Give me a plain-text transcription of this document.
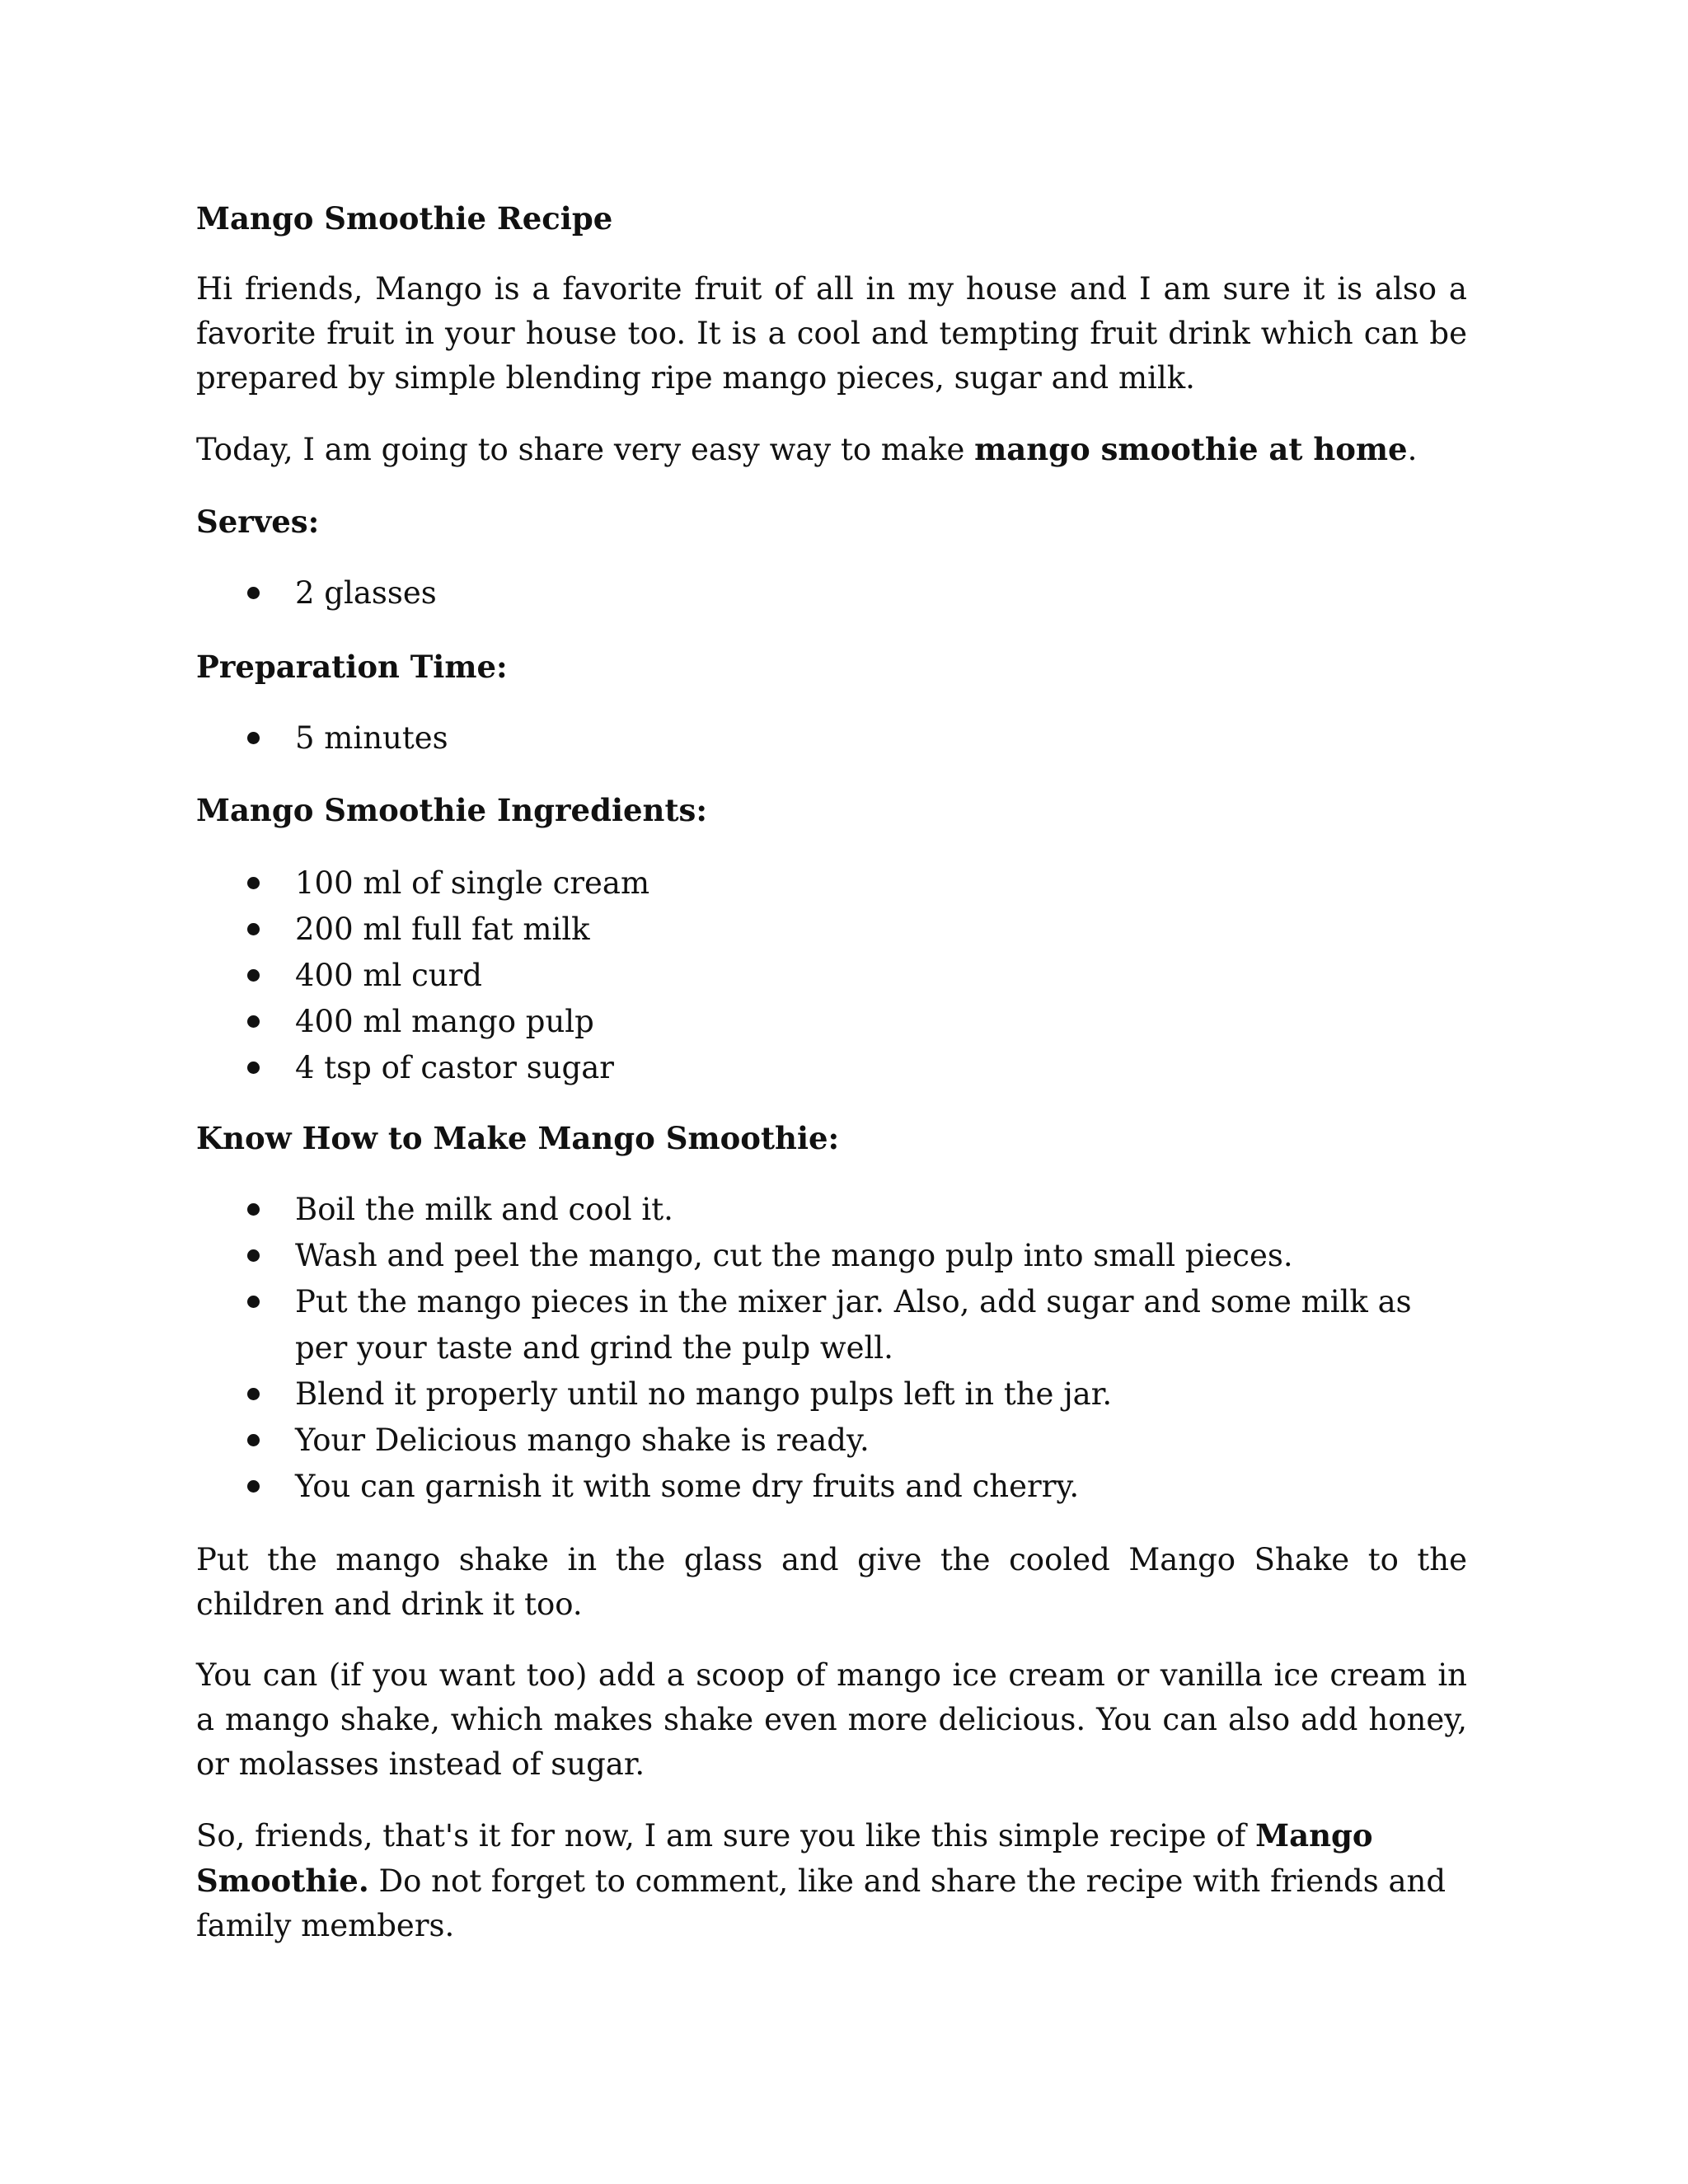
Mango Smoothie Recipe

Hi friends, Mango is a favorite fruit of all in my house and I am sure it is also a favorite fruit in your house too. It is a cool and tempting fruit drink which can be prepared by simple blending ripe mango pieces, sugar and milk.

Today, I am going to share very easy way to make mango smoothie at home.

Serves:

2 glasses

Preparation Time:

5 minutes

Mango Smoothie Ingredients:

100 ml of single cream
200 ml full fat milk
400 ml curd
400 ml mango pulp
4 tsp of castor sugar

Know How to Make Mango Smoothie:

Boil the milk and cool it.
Wash and peel the mango, cut the mango pulp into small pieces.
Put the mango pieces in the mixer jar. Also, add sugar and some milk as per your taste and grind the pulp well.
Blend it properly until no mango pulps left in the jar.
Your Delicious mango shake is ready.
You can garnish it with some dry fruits and cherry.

Put the mango shake in the glass and give the cooled Mango Shake to the children and drink it too.

You can (if you want too) add a scoop of mango ice cream or vanilla ice cream in a mango shake, which makes shake even more delicious. You can also add honey, or molasses instead of sugar.

So, friends, that's it for now, I am sure you like this simple recipe of Mango Smoothie. Do not forget to comment, like and share the recipe with friends and family members.
